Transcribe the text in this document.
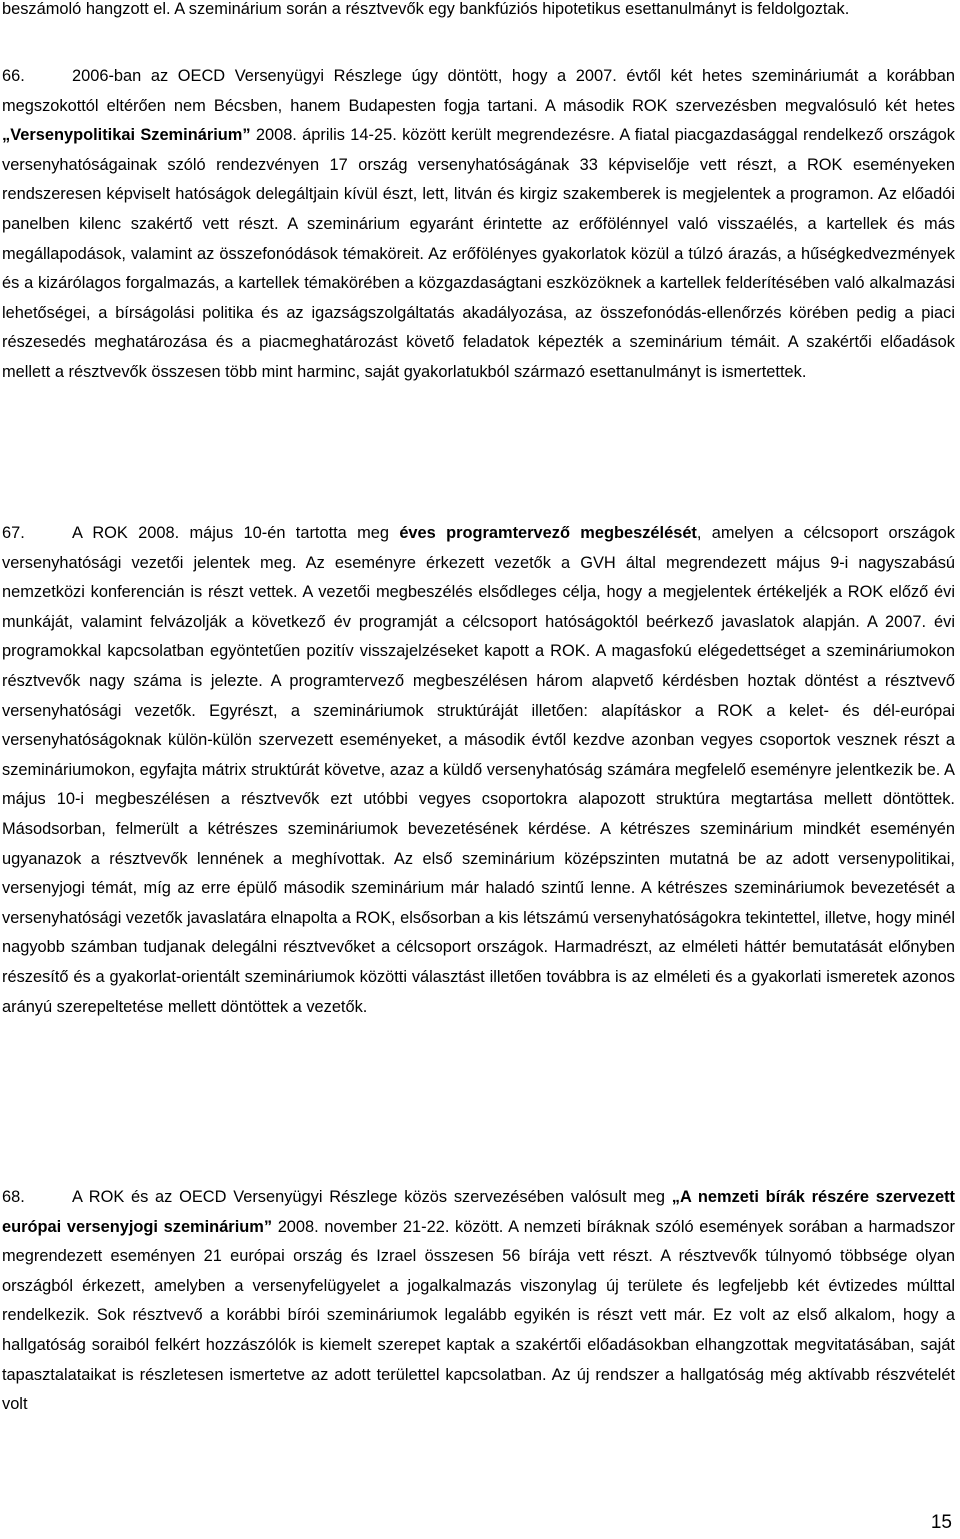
beszámoló hangzott el. A szeminárium során a résztvevők egy bankfúziós hipotetikus esettanulmányt is feldolgoztak.

66.	2006-ban az OECD Versenyügyi Részlege úgy döntött, hogy a 2007. évtől két hetes szemináriumát a korábban megszokottól eltérően nem Bécsben, hanem Budapesten fogja tartani. A második ROK szervezésben megvalósuló két hetes „Versenypolitikai Szeminárium” 2008. április 14-25. között került megrendezésre. A fiatal piacgazdasággal rendelkező országok versenyhatóságainak szóló rendezvényen 17 ország versenyhatóságának 33 képviselője vett részt, a ROK eseményeken rendszeresen képviselt hatóságok delegáltjain kívül észt, lett, litván és kirgiz szakemberek is megjelentek a programon. Az előadói panelben kilenc szakértő vett részt. A szeminárium egyaránt érintette az erőfölénnyel való visszaélés, a kartellek és más megállapodások, valamint az összefonódások témaköreit. Az erőfölényes gyakorlatok közül a túlzó árazás, a hűségkedvezmények és a kizárólagos forgalmazás, a kartellek témakörében a közgazdaságtani eszközöknek a kartellek felderítésében való alkalmazási lehetőségei, a bírságolási politika és az igazságszolgáltatás akadályozása, az összefonódás-ellenőrzés körében pedig a piaci részesedés meghatározása és a piacmeghatározást követő feladatok képezték a szeminárium témáit. A szakértői előadások mellett a résztvevők összesen több mint harminc, saját gyakorlatukból származó esettanulmányt is ismertettek.

67.	A ROK 2008. május 10-én tartotta meg éves programtervező megbeszélését, amelyen a célcsoport országok versenyhatósági vezetői jelentek meg. Az eseményre érkezett vezetők a GVH által megrendezett május 9-i nagyszabású nemzetközi konferencián is részt vettek. A vezetői megbeszélés elsődleges célja, hogy a megjelentek értékeljék a ROK előző évi munkáját, valamint felvázolják a következő év programját a célcsoport hatóságoktól beérkező javaslatok alapján. A 2007. évi programokkal kapcsolatban egyöntetűen pozitív visszajelzéseket kapott a ROK. A magasfokú elégedettséget a szemináriumokon résztvevők nagy száma is jelezte. A programtervező megbeszélésen három alapvető kérdésben hoztak döntést a résztvevő versenyhatósági vezetők. Egyrészt, a szemináriumok struktúráját illetően: alapításkor a ROK a kelet- és dél-európai versenyhatóságoknak külön-külön szervezett eseményeket, a második évtől kezdve azonban vegyes csoportok vesznek részt a szemináriumokon, egyfajta mátrix struktúrát követve, azaz a küldő versenyhatóság számára megfelelő eseményre jelentkezik be. A május 10-i megbeszélésen a résztvevők ezt utóbbi vegyes csoportokra alapozott struktúra megtartása mellett döntöttek. Másodsorban, felmerült a kétrészes szemináriumok bevezetésének kérdése. A kétrészes szeminárium mindkét eseményén ugyanazok a résztvevők lennének a meghívottak. Az első szeminárium középszinten mutatná be az adott versenypolitikai, versenyjogi témát, míg az erre épülő második szeminárium már haladó szintű lenne. A kétrészes szemináriumok bevezetését a versenyhatósági vezetők javaslatára elnapolta a ROK, elsősorban a kis létszámú versenyhatóságokra tekintettel, illetve, hogy minél nagyobb számban tudjanak delegálni résztvevőket a célcsoport országok. Harmadrészt, az elméleti háttér bemutatását előnyben részesítő és a gyakorlat-orientált szemináriumok közötti választást illetően továbbra is az elméleti és a gyakorlati ismeretek azonos arányú szerepeltetése mellett döntöttek a vezetők.

68.	A ROK és az OECD Versenyügyi Részlege közös szervezésében valósult meg „A nemzeti bírák részére szervezett európai versenyjogi szeminárium” 2008. november 21-22. között. A nemzeti bíráknak szóló események sorában a harmadszor megrendezett eseményen 21 európai ország és Izrael összesen 56 bírája vett részt. A résztvevők túlnyomó többsége olyan országból érkezett, amelyben a versenyfelügyelet a jogalkalmazás viszonylag új területe és legfeljebb két évtizedes múlttal rendelkezik. Sok résztvevő a korábbi bírói szemináriumok legalább egyikén is részt vett már. Ez volt az első alkalom, hogy a hallgatóság soraiból felkért hozzászólók is kiemelt szerepet kaptak a szakértői előadásokban elhangzottak megvitatásában, saját tapasztalataikat is részletesen ismertetve az adott területtel kapcsolatban. Az új rendszer a hallgatóság még aktívabb részvételét volt

15
